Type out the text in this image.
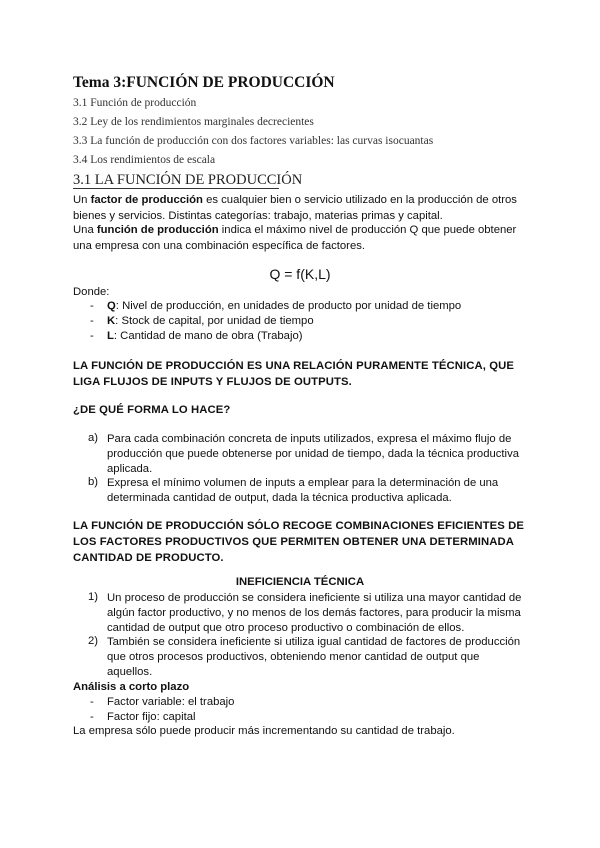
Tema 3:FUNCIÓN DE PRODUCCIÓN
3.1 Función de producción
3.2 Ley de los rendimientos marginales decrecientes
3.3 La función de producción con dos factores variables: las curvas isocuantas
3.4 Los rendimientos de escala
3.1 LA FUNCIÓN DE PRODUCCIÓN
Un factor de producción es cualquier bien o servicio utilizado en la producción de otros bienes y servicios. Distintas categorías: trabajo, materias primas y capital.
Una función de producción indica el máximo nivel de producción Q que puede obtener una empresa con una combinación específica de factores.
Q = f(K,L)
Donde:
-	Q: Nivel de producción, en unidades de producto por unidad de tiempo
-	K: Stock de capital, por unidad de tiempo
-	L: Cantidad de mano de obra (Trabajo)
LA FUNCIÓN DE PRODUCCIÓN ES UNA RELACIÓN PURAMENTE TÉCNICA, QUE LIGA FLUJOS DE INPUTS Y FLUJOS DE OUTPUTS.
¿DE QUÉ FORMA LO HACE?
a) Para cada combinación concreta de inputs utilizados, expresa el máximo flujo de producción que puede obtenerse por unidad de tiempo, dada la técnica productiva aplicada.
b) Expresa el mínimo volumen de inputs a emplear para la determinación de una determinada cantidad de output, dada la técnica productiva aplicada.
LA FUNCIÓN DE PRODUCCIÓN SÓLO RECOGE COMBINACIONES EFICIENTES DE LOS FACTORES PRODUCTIVOS QUE PERMITEN OBTENER UNA DETERMINADA CANTIDAD DE PRODUCTO.
INEFICIENCIA TÉCNICA
1) Un proceso de producción se considera ineficiente si utiliza una mayor cantidad de algún factor productivo, y no menos de los demás factores, para producir la misma cantidad de output que otro proceso productivo o combinación de ellos.
2) También se considera ineficiente si utiliza igual cantidad de factores de producción que otros procesos productivos, obteniendo menor cantidad de output que aquellos.
Análisis a corto plazo
-	Factor variable: el trabajo
-	Factor fijo: capital
La empresa sólo puede producir más incrementando su cantidad de trabajo.
